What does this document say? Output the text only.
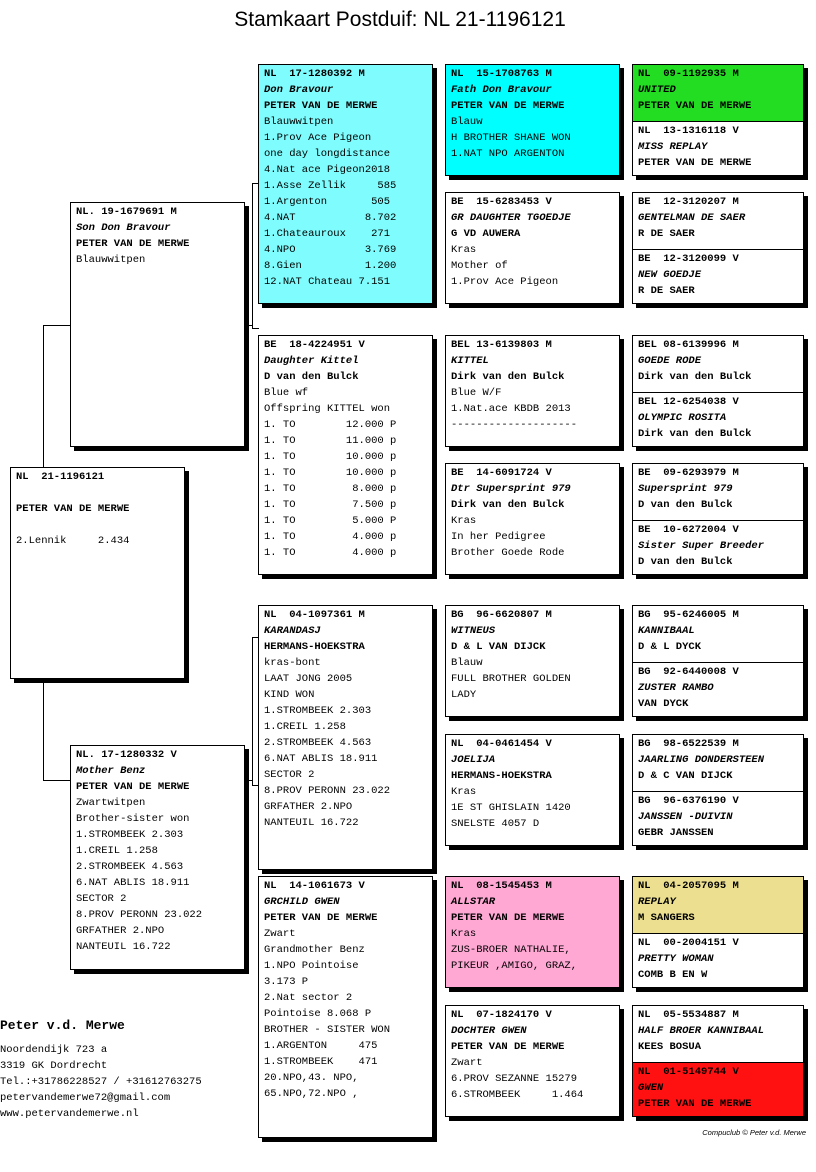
Stamkaart Postduif: NL 21-1196121
NL  21-1196121

PETER VAN DE MERWE

2.Lennik     2.434
NL. 19-1679691 M
Son Don Bravour
PETER VAN DE MERWE
Blauwwitpen
NL. 17-1280332 V
Mother Benz
PETER VAN DE MERWE
Zwartwitpen
Brother-sister won
1.STROMBEEK 2.303
1.CREIL 1.258
2.STROMBEEK 4.563
6.NAT ABLIS 18.911
SECTOR 2
8.PROV PERONN 23.022
GRFATHER 2.NPO
NANTEUIL 16.722
NL  17-1280392 M
Don Bravour
PETER VAN DE MERWE
Blauwwitpen
1.Prov Ace Pigeon
one day longdistance
4.Nat ace Pigeon2018
1.Asse Zellik     585
1.Argenton       505
4.NAT           8.702
1.Chateauroux    271
4.NPO           3.769
8.Gien          1.200
12.NAT Chateau 7.151
BE  18-4224951 V
Daughter Kittel
D van den Bulck
Blue wf
Offspring KITTEL won
1. TO        12.000 P
1. TO        11.000 p
1. TO        10.000 p
1. TO        10.000 p
1. TO         8.000 p
1. TO         7.500 p
1. TO         5.000 P
1. TO         4.000 p
1. TO         4.000 p
NL  04-1097361 M
KARANDASJ
HERMANS-HOEKSTRA
kras-bont
LAAT JONG 2005
KIND WON
1.STROMBEEK 2.303
1.CREIL 1.258
2.STROMBEEK 4.563
6.NAT ABLIS 18.911
SECTOR 2
8.PROV PERONN 23.022
GRFATHER 2.NPO
NANTEUIL 16.722
NL  14-1061673 V
GRCHILD GWEN
PETER VAN DE MERWE
Zwart
Grandmother Benz
1.NPO Pointoise
3.173 P
2.Nat sector 2
Pointoise 8.068 P
BROTHER - SISTER WON
1.ARGENTON     475
1.STROMBEEK    471
20.NPO,43. NPO,
65.NPO,72.NPO ,
NL  15-1708763 M
Fath Don Bravour
PETER VAN DE MERWE
Blauw
H BROTHER SHANE WON
1.NAT NPO ARGENTON
BE  15-6283453 V
GR DAUGHTER TGOEDJE
G VD AUWERA
Kras
Mother of
1.Prov Ace Pigeon
BEL 13-6139803 M
KITTEL
Dirk van den Bulck
Blue W/F
1.Nat.ace KBDB 2013
--------------------
BE  14-6091724 V
Dtr Supersprint 979
Dirk van den Bulck
Kras
In her Pedigree
Brother Goede Rode
BG  96-6620807 M
WITNEUS
D & L VAN DIJCK
Blauw
FULL BROTHER GOLDEN
LADY
NL  04-0461454 V
JOELIJA
HERMANS-HOEKSTRA
Kras
1E ST GHISLAIN 1420
SNELSTE 4057 D
NL  08-1545453 M
ALLSTAR
PETER VAN DE MERWE
Kras
ZUS-BROER NATHALIE,
PIKEUR ,AMIGO, GRAZ,
NL  07-1824170 V
DOCHTER GWEN
PETER VAN DE MERWE
Zwart
6.PROV SEZANNE 15279
6.STROMBEEK     1.464
NL  09-1192935 M
UNITED
PETER VAN DE MERWE
NL  13-1316118 V
MISS REPLAY
PETER VAN DE MERWE
BE  12-3120207 M
GENTELMAN DE SAER
R DE SAER
BE  12-3120099 V
NEW GOEDJE
R DE SAER
BEL 08-6139996 M
GOEDE RODE
Dirk van den Bulck
BEL 12-6254038 V
OLYMPIC ROSITA
Dirk van den Bulck
BE  09-6293979 M
Supersprint 979
D van den Bulck
BE  10-6272004 V
Sister Super Breeder
D van den Bulck
BG  95-6246005 M
KANNIBAAL
D & L DYCK
BG  92-6440008 V
ZUSTER RAMBO
VAN DYCK
BG  98-6522539 M
JAARLING DONDERSTEEN
D & C VAN DIJCK
BG  96-6376190 V
JANSSEN -DUIVIN
GEBR JANSSEN
NL  04-2057095 M
REPLAY
M SANGERS
NL  00-2004151 V
PRETTY WOMAN
COMB B EN W
NL  05-5534887 M
HALF BROER KANNIBAAL
KEES BOSUA
NL  01-5149744 V
GWEN
PETER VAN DE MERWE
Peter v.d. Merwe
Noordendijk 723 a
3319 GK Dordrecht
Tel.:+31786228527 / +31612763275
petervandemerwe72@gmail.com
www.petervandemerwe.nl
Compuclub © Peter v.d. Merwe
